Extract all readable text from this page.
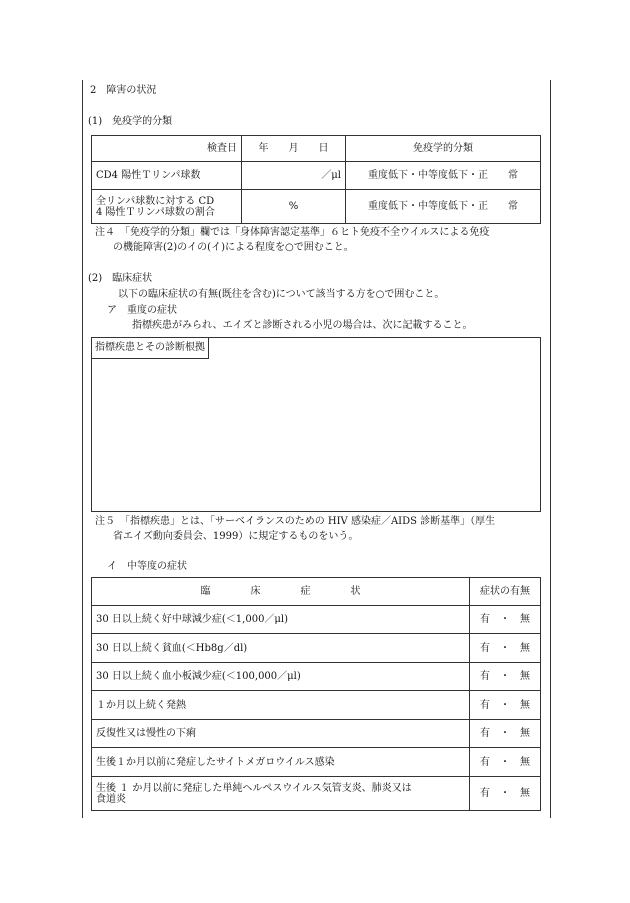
2　障害の状況
(1)　免疫学的分類
検査日	年　　月　　日	免疫学的分類
CD4 陽性Ｔリンパ球数	／μl	重度低下・中等度低下・正　　常

全リンパ球数に対する CD
4 陽性Ｔリンパ球数の割合	%	重度低下・中等度低下・正　　常
注４　「免疫学的分類」欄では「身体障害認定基準」６ヒト免疫不全ウイルスによる免疫
の機能障害(2)のイの(イ)による程度を○で囲むこと。
(2)　臨床症状
以下の臨床症状の有無(既往を含む)について該当する方を○で囲むこと。
ア　重度の症状
指標疾患がみられ、エイズと診断される小児の場合は、次に記載すること。
指標疾患とその診断根拠
注５　「指標疾患」とは、「サーベイランスのための HIV 感染症／AIDS 診断基準」（厚生
省エイズ動向委員会、1999）に規定するものをいう。
イ　中等度の症状
臨　　　　床　　　　症　　　　状	症状の有無
30 日以上続く好中球減少症(＜1,000／μl)	有　・　無
30 日以上続く貧血(＜Hb8g／dl)	有　・　無
30 日以上続く血小板減少症(＜100,000／μl)	有　・　無
１か月以上続く発熱	有　・　無
反復性又は慢性の下痢	有　・　無
生後１か月以前に発症したサイトメガロウイルス感染	有　・　無

生後 １ か月以前に発症した単純ヘルペスウイルス気管支炎、肺炎又は
食道炎	有　・　無
